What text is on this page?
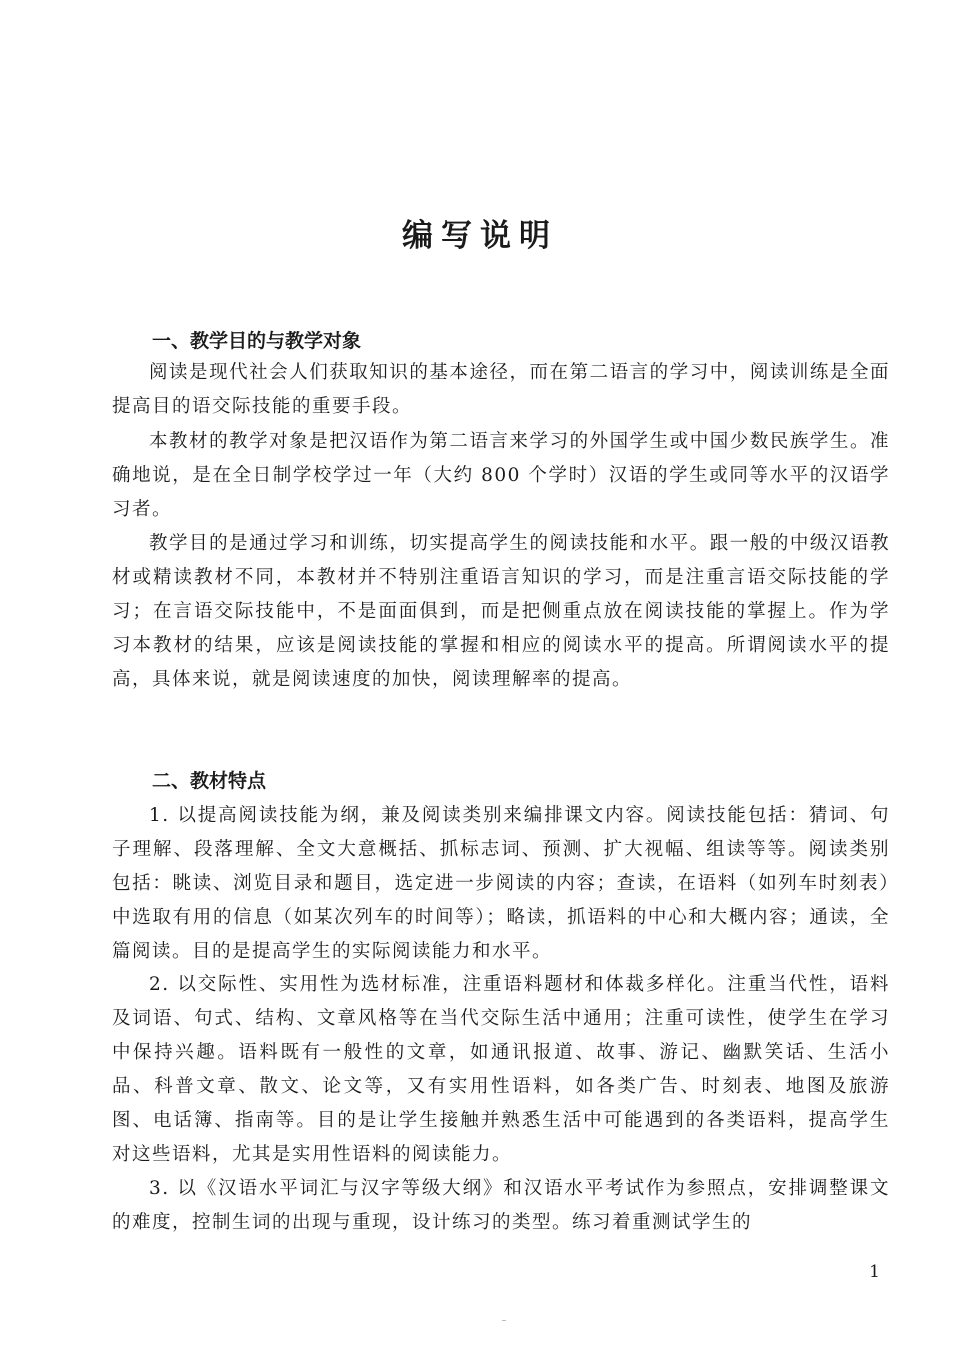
编写说明
一、教学目的与教学对象

阅读是现代社会人们获取知识的基本途径，而在第二语言的学习中，阅读训练是全面提高目的语交际技能的重要手段。

本教材的教学对象是把汉语作为第二语言来学习的外国学生或中国少数民族学生。准确地说，是在全日制学校学过一年（大约 800 个学时）汉语的学生或同等水平的汉语学习者。

教学目的是通过学习和训练，切实提高学生的阅读技能和水平。跟一般的中级汉语教材或精读教材不同，本教材并不特别注重语言知识的学习，而是注重言语交际技能的学习；在言语交际技能中，不是面面俱到，而是把侧重点放在阅读技能的掌握上。作为学习本教材的结果，应该是阅读技能的掌握和相应的阅读水平的提高。所谓阅读水平的提高，具体来说，就是阅读速度的加快，阅读理解率的提高。

二、教材特点

1. 以提高阅读技能为纲，兼及阅读类别来编排课文内容。阅读技能包括：猜词、句子理解、段落理解、全文大意概括、抓标志词、预测、扩大视幅、组读等等。阅读类别包括：眺读、浏览目录和题目，选定进一步阅读的内容；查读，在语料（如列车时刻表）中选取有用的信息（如某次列车的时间等）；略读，抓语料的中心和大概内容；通读，全篇阅读。目的是提高学生的实际阅读能力和水平。

2. 以交际性、实用性为选材标准，注重语料题材和体裁多样化。注重当代性，语料及词语、句式、结构、文章风格等在当代交际生活中通用；注重可读性，使学生在学习中保持兴趣。语料既有一般性的文章，如通讯报道、故事、游记、幽默笑话、生活小品、科普文章、散文、论文等，又有实用性语料，如各类广告、时刻表、地图及旅游图、电话簿、指南等。目的是让学生接触并熟悉生活中可能遇到的各类语料，提高学生对这些语料，尤其是实用性语料的阅读能力。

3. 以《汉语水平词汇与汉字等级大纲》和汉语水平考试作为参照点，安排调整课文的难度，控制生词的出现与重现，设计练习的类型。练习着重测试学生的

1
